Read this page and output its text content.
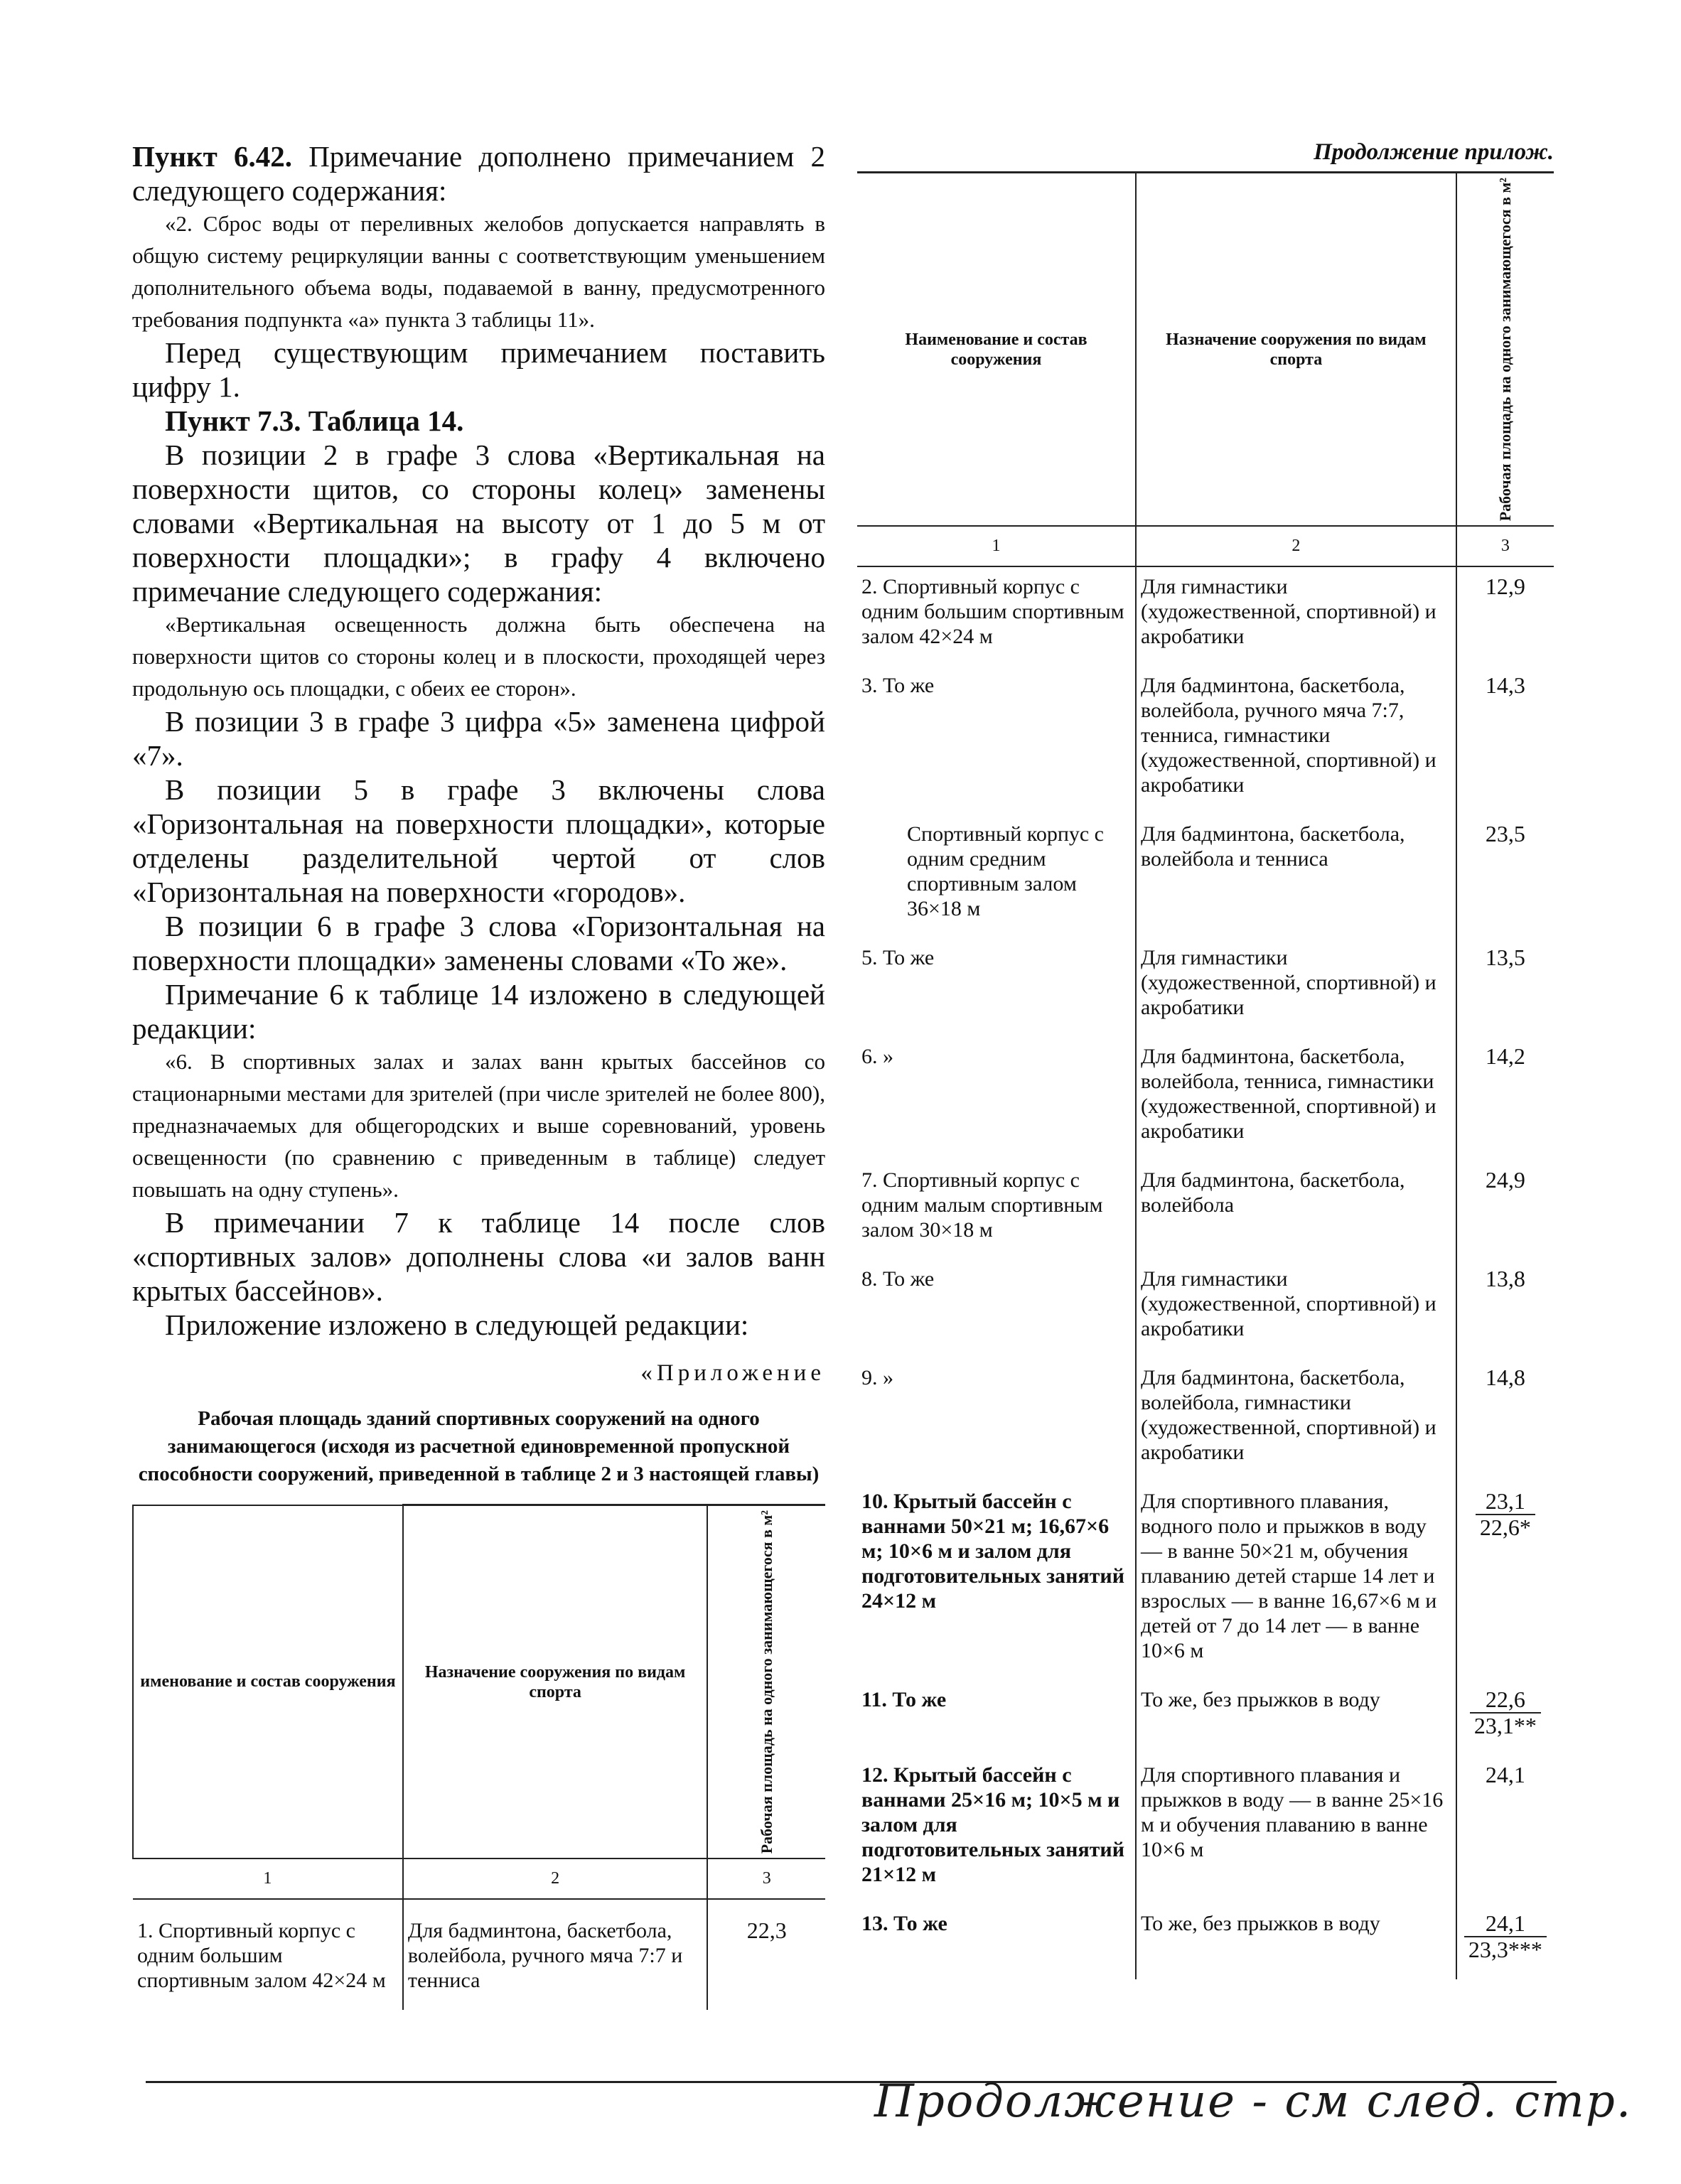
Пункт 6.42. Примечание дополнено примечанием 2 следующего содержания:

«2. Сброс воды от переливных желобов допускается направлять в общую систему рециркуляции ванны с соответствующим уменьшением дополнительного объема воды, подаваемой в ванну, предусмотренного требования подпункта «а» пункта 3 таблицы 11».

Перед существующим примечанием поставить цифру 1.

Пункт 7.3. Таблица 14.

В позиции 2 в графе 3 слова «Вертикальная на поверхности щитов, со стороны колец» заменены словами «Вертикальная на высоту от 1 до 5 м от поверхности площадки»; в графу 4 включено примечание следующего содержания:

«Вертикальная освещенность должна быть обеспечена на поверхности щитов со стороны колец и в плоскости, проходящей через продольную ось площадки, с обеих ее сторон».

В позиции 3 в графе 3 цифра «5» заменена цифрой «7».

В позиции 5 в графе 3 включены слова «Горизонтальная на поверхности площадки», которые отделены разделительной чертой от слов «Горизонтальная на поверхности «городов».

В позиции 6 в графе 3 слова «Горизонтальная на поверхности площадки» заменены словами «То же».

Примечание 6 к таблице 14 изложено в следующей редакции:

«6. В спортивных залах и залах ванн крытых бассейнов со стационарными местами для зрителей (при числе зрителей не более 800), предназначаемых для общегородских и выше соревнований, уровень освещенности (по сравнению с приведенным в таблице) следует повышать на одну ступень».

В примечании 7 к таблице 14 после слов «спортивных залов» дополнены слова «и залов ванн крытых бассейнов».

Приложение изложено в следующей редакции:

«Приложение
Рабочая площадь зданий спортивных сооружений на одного занимающегося (исходя из расчетной единовременной пропускной способности сооружений, приведенной в таблице 2 и 3 настоящей главы)
именование и состав сооружения	Назначение сооружения по видам спорта	Рабочая площадь на одного занимающегося в м²

1	2	3
1. Спортивный корпус с одним большим спортивным залом 42×24 м	Для бадминтона, баскетбола, волейбола, ручного мяча 7:7 и тенниса	22,3
Продолжение прилож.
Наименование и состав сооружения	Назначение сооружения по видам спорта	Рабочая площадь на одного занимающегося в м²

1	2	3
2. Спортивный корпус с одним большим спортивным залом 42×24 м	Для гимнастики (художественной, спортивной) и акробатики	12,9
3. То же	Для бадминтона, баскетбола, волейбола, ручного мяча 7:7, тенниса, гимнастики (художественной, спортивной) и акробатики	14,3
Спортивный корпус с одним средним спортивным залом 36×18 м	Для бадминтона, баскетбола, волейбола и тенниса	23,5
5. То же	Для гимнастики (художественной, спортивной) и акробатики	13,5
6. »	Для бадминтона, баскетбола, волейбола, тенниса, гимнастики (художественной, спортивной) и акробатики	14,2
7. Спортивный корпус с одним малым спортивным залом 30×18 м	Для бадминтона, баскетбола, волейбола	24,9
8. То же	Для гимнастики (художественной, спортивной) и акробатики	13,8
9. »	Для бадминтона, баскетбола, волейбола, гимнастики (художественной, спортивной) и акробатики	14,8
10. Крытый бассейн с ваннами 50×21 м; 16,67×6 м; 10×6 м и залом для подготовительных занятий 24×12 м	Для спортивного плавания, водного поло и прыжков в воду — в ванне 50×21 м, обучения плаванию детей старше 14 лет и взрослых — в ванне 16,67×6 м и детей от 7 до 14 лет — в ванне 10×6 м	$\frac{23,1}{22,6*}$

11. То же	То же, без прыжков в воду	$\frac{22,6}{23,1**}$

12. Крытый бассейн с ваннами 25×16 м; 10×5 м и залом для подготовительных занятий 21×12 м	Для спортивного плавания и прыжков в воду — в ванне 25×16 м и обучения плаванию в ванне 10×6 м	24,1
13. То же	То же, без прыжков в воду	$\frac{24,1}{23,3***}$
Продолжение - см след. стр.
